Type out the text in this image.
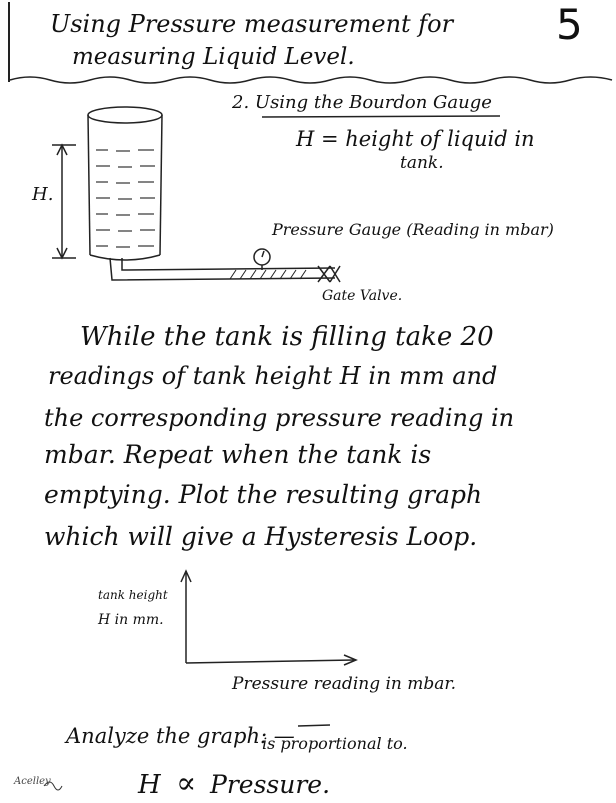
Using Pressure measurement for
measuring Liquid Level.
5
2. Using the Bourdon Gauge
H = height of liquid in
tank.
H.
Pressure Gauge (Reading in mbar)
Gate Valve.
While the tank is filling take 20
readings of tank height H in mm and
the corresponding pressure reading in
mbar. Repeat when the tank is
emptying. Plot the resulting graph
which will give a Hysteresis Loop.
tank height
H in mm.
Pressure reading in mbar.
Analyze the graph: —
is proportional to.
H ∝ Pressure.
Acelley
